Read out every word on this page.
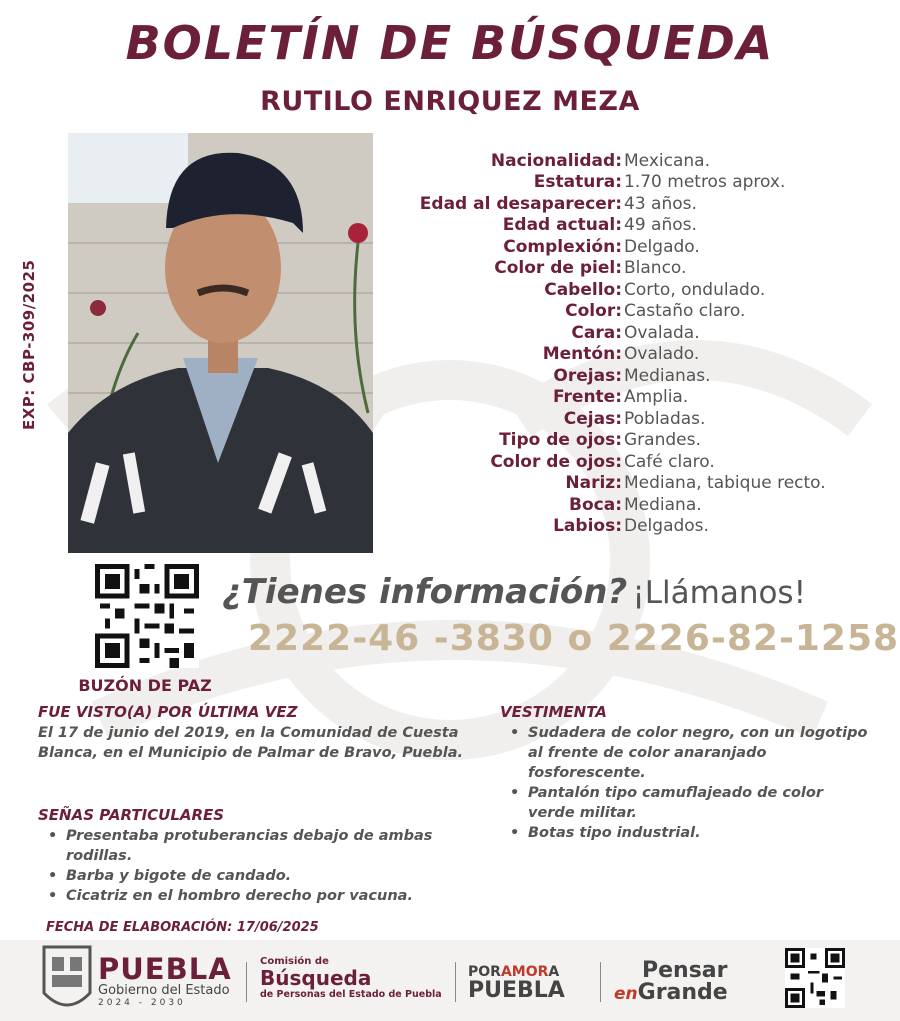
BOLETÍN DE BÚSQUEDA
RUTILO ENRIQUEZ MEZA
EXP: CBP-309/2025
Nacionalidad: Mexicana.
Estatura: 1.70 metros aprox.
Edad al desaparecer: 43 años.
Edad actual: 49 años.
Complexión: Delgado.
Color de piel: Blanco.
Cabello: Corto, ondulado.
Color: Castaño claro.
Cara: Ovalada.
Mentón: Ovalado.
Orejas: Medianas.
Frente: Amplia.
Cejas: Pobladas.
Tipo de ojos: Grandes.
Color de ojos: Café claro.
Nariz: Mediana, tabique recto.
Boca: Mediana.
Labios: Delgados.
BUZÓN DE PAZ
¿Tienes información? ¡Llámanos!
2222-46 -3830 o 2226-82-1258
FUE VISTO(A) POR ÚLTIMA VEZ
El 17 de junio del 2019, en la Comunidad de Cuesta Blanca, en el Municipio de Palmar de Bravo, Puebla.
SEÑAS PARTICULARES
• Presentaba protuberancias debajo de ambas rodillas.
• Barba y bigote de candado.
• Cicatriz en el hombro derecho por vacuna.
VESTIMENTA
• Sudadera de color negro, con un logotipo al frente de color anaranjado fosforescente.
• Pantalón tipo camuflajeado de color verde militar.
• Botas tipo industrial.
FECHA DE ELABORACIÓN: 17/06/2025
PUEBLA
Gobierno del Estado
2024 - 2030
Comisión de
Búsqueda
de Personas del Estado de Puebla
PORAMORA
PUEBLA
Pensar
enGrande
